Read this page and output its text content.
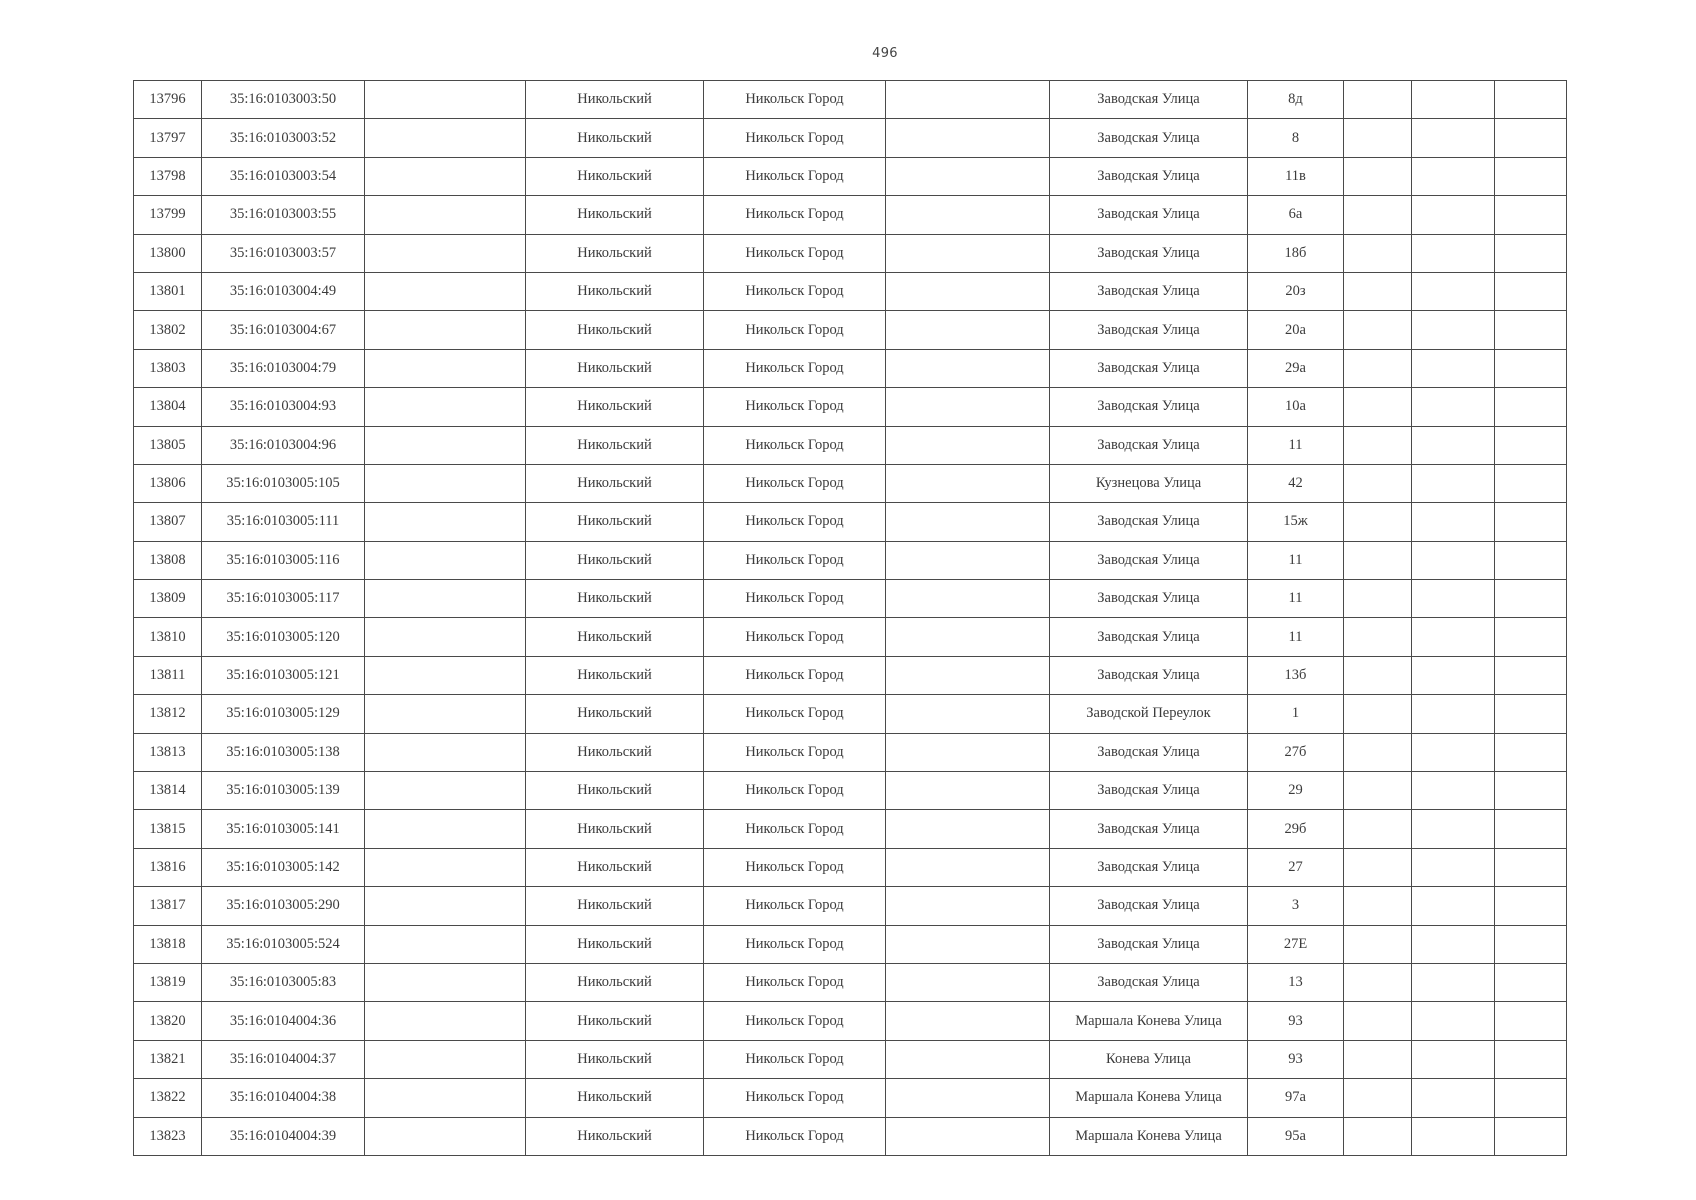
496
13796	35:16:0103003:50		Никольский	Никольск Город		Заводская Улица	8д			
13797	35:16:0103003:52		Никольский	Никольск Город		Заводская Улица	8			
13798	35:16:0103003:54		Никольский	Никольск Город		Заводская Улица	11в			
13799	35:16:0103003:55		Никольский	Никольск Город		Заводская Улица	6а			
13800	35:16:0103003:57		Никольский	Никольск Город		Заводская Улица	18б			
13801	35:16:0103004:49		Никольский	Никольск Город		Заводская Улица	20з			
13802	35:16:0103004:67		Никольский	Никольск Город		Заводская Улица	20а			
13803	35:16:0103004:79		Никольский	Никольск Город		Заводская Улица	29а			
13804	35:16:0103004:93		Никольский	Никольск Город		Заводская Улица	10а			
13805	35:16:0103004:96		Никольский	Никольск Город		Заводская Улица	11			
13806	35:16:0103005:105		Никольский	Никольск Город		Кузнецова Улица	42			
13807	35:16:0103005:111		Никольский	Никольск Город		Заводская Улица	15ж			
13808	35:16:0103005:116		Никольский	Никольск Город		Заводская Улица	11			
13809	35:16:0103005:117		Никольский	Никольск Город		Заводская Улица	11			
13810	35:16:0103005:120		Никольский	Никольск Город		Заводская Улица	11			
13811	35:16:0103005:121		Никольский	Никольск Город		Заводская Улица	13б			
13812	35:16:0103005:129		Никольский	Никольск Город		Заводской Переулок	1			
13813	35:16:0103005:138		Никольский	Никольск Город		Заводская Улица	27б			
13814	35:16:0103005:139		Никольский	Никольск Город		Заводская Улица	29			
13815	35:16:0103005:141		Никольский	Никольск Город		Заводская Улица	29б			
13816	35:16:0103005:142		Никольский	Никольск Город		Заводская Улица	27			
13817	35:16:0103005:290		Никольский	Никольск Город		Заводская Улица	3			
13818	35:16:0103005:524		Никольский	Никольск Город		Заводская Улица	27Е			
13819	35:16:0103005:83		Никольский	Никольск Город		Заводская Улица	13			
13820	35:16:0104004:36		Никольский	Никольск Город		Маршала Конева Улица	93			
13821	35:16:0104004:37		Никольский	Никольск Город		Конева Улица	93			
13822	35:16:0104004:38		Никольский	Никольск Город		Маршала Конева Улица	97а			
13823	35:16:0104004:39		Никольский	Никольск Город		Маршала Конева Улица	95а			
